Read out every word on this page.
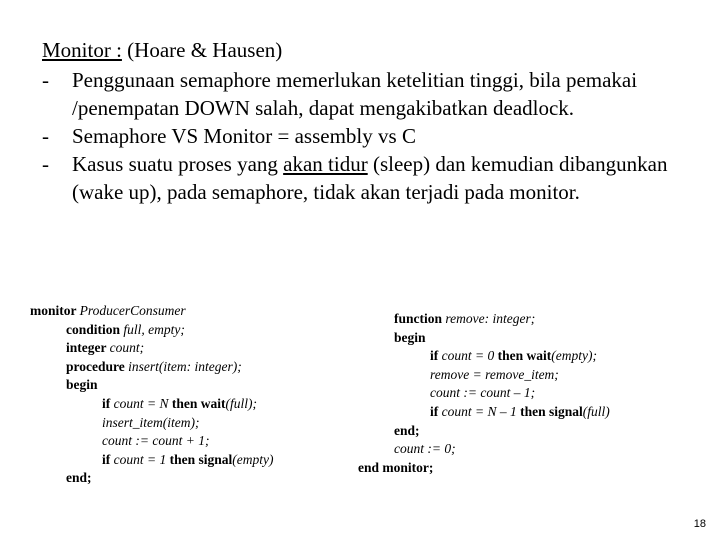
Monitor : (Hoare & Hausen)
- Penggunaan semaphore memerlukan ketelitian tinggi, bila pemakai /penempatan DOWN salah, dapat mengakibatkan deadlock.
- Semaphore VS Monitor = assembly vs C
- Kasus suatu proses yang akan tidur (sleep) dan kemudian dibangunkan (wake up), pada semaphore, tidak akan terjadi pada monitor.
monitor ProducerConsumer
condition full, empty;
integer count;
procedure insert(item: integer);
begin
if count = N then wait(full);
insert_item(item);
count := count + 1;
if count = 1 then signal(empty)
end;
function remove: integer;
begin
if count = 0 then wait(empty);
remove = remove_item;
count := count – 1;
if count = N – 1 then signal(full)
end;
count := 0;
end monitor;
18
